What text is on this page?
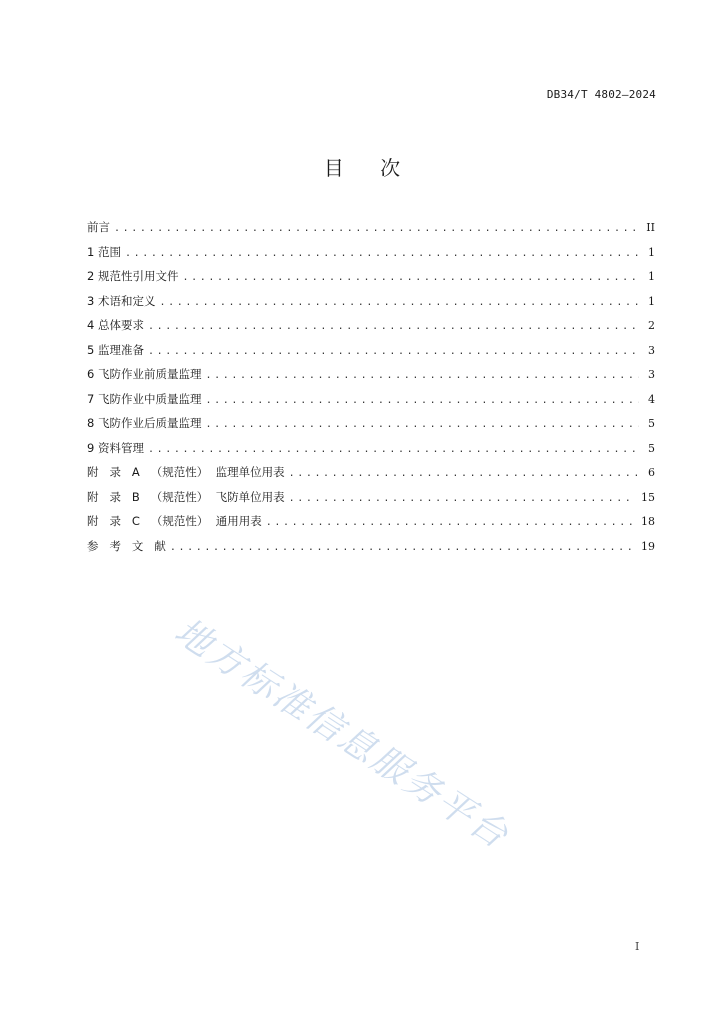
DB34/T 4802—2024
目 次
前言 .....	II
1 范围 .....	1
2 规范性引用文件 .....	1
3 术语和定义 .....	1
4 总体要求 .....	2
5 监理准备 .....	3
6 飞防作业前质量监理 .....	3
7 飞防作业中质量监理 .....	4
8 飞防作业后质量监理 .....	5
9 资料管理 .....	5
附   录   A   （规范性）  监理单位用表 .....	6
附   录   B   （规范性）  飞防单位用表 .....	15
附   录   C   （规范性）  通用用表 .....	18
参   考   文   献 .....	19
地方标准信息服务平台
I
